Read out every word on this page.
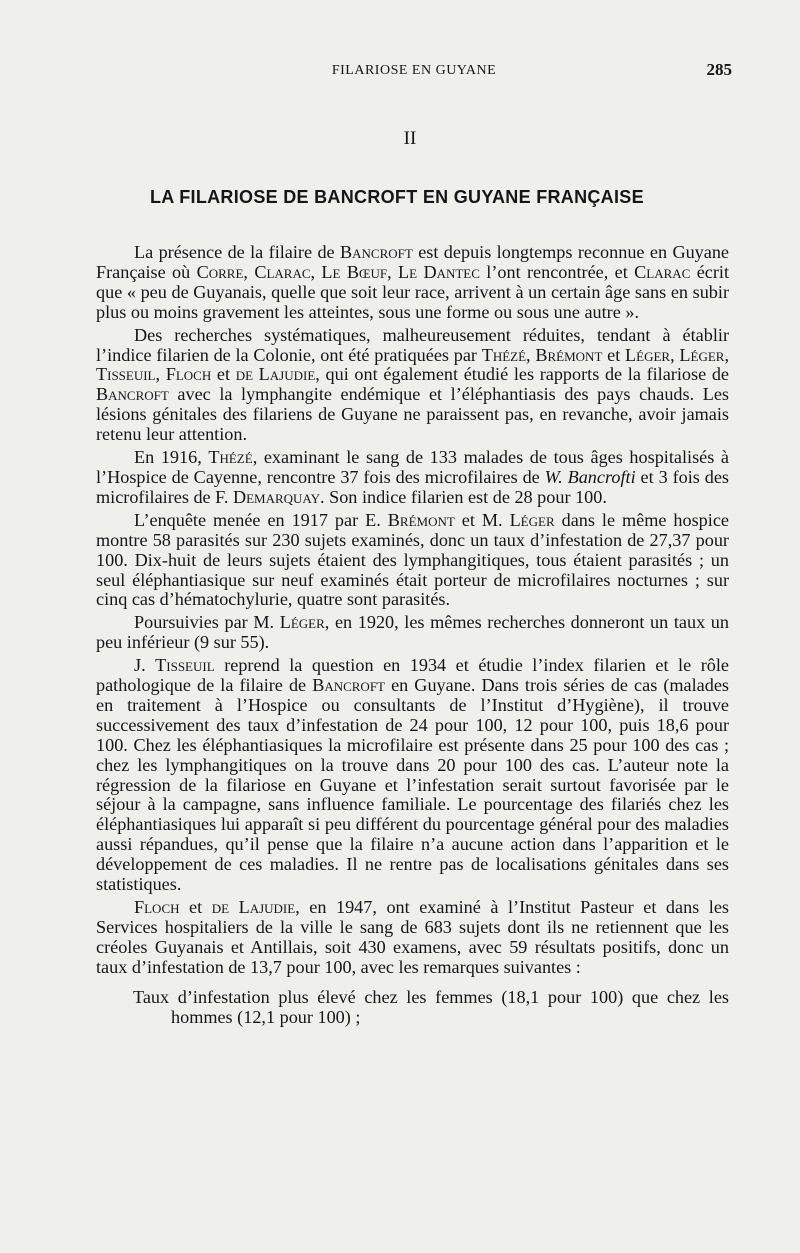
FILARIOSE EN GUYANE	285
II
LA FILARIOSE DE BANCROFT EN GUYANE FRANÇAISE

La présence de la filaire de Bancroft est depuis longtemps reconnue en Guyane Française où Corre, Clarac, Le Bœuf, Le Dantec l’ont rencontrée, et Clarac écrit que « peu de Guyanais, quelle que soit leur race, arrivent à un certain âge sans en subir plus ou moins gravement les atteintes, sous une forme ou sous une autre ».

Des recherches systématiques, malheureusement réduites, tendant à établir l’indice filarien de la Colonie, ont été pratiquées par Thézé, Brémont et Léger, Léger, Tisseuil, Floch et de Lajudie, qui ont également étudié les rapports de la filariose de Bancroft avec la lymphangite endémique et l’éléphantiasis des pays chauds. Les lésions génitales des filariens de Guyane ne paraissent pas, en revanche, avoir jamais retenu leur attention.

En 1916, Thézé, examinant le sang de 133 malades de tous âges hospitalisés à l’Hospice de Cayenne, rencontre 37 fois des microfilaires de W. Bancrofti et 3 fois des microfilaires de F. Demarquay. Son indice filarien est de 28 pour 100.

L’enquête menée en 1917 par E. Brémont et M. Léger dans le même hospice montre 58 parasités sur 230 sujets examinés, donc un taux d’infestation de 27,37 pour 100. Dix-huit de leurs sujets étaient des lymphangitiques, tous étaient parasités ; un seul éléphantiasique sur neuf examinés était porteur de microfilaires nocturnes ; sur cinq cas d’hématochylurie, quatre sont parasités.

Poursuivies par M. Léger, en 1920, les mêmes recherches donneront un taux un peu inférieur (9 sur 55).

J. Tisseuil reprend la question en 1934 et étudie l’index filarien et le rôle pathologique de la filaire de Bancroft en Guyane. Dans trois séries de cas (malades en traitement à l’Hospice ou consultants de l’Institut d’Hygiène), il trouve successivement des taux d’infestation de 24 pour 100, 12 pour 100, puis 18,6 pour 100. Chez les éléphantiasiques la microfilaire est présente dans 25 pour 100 des cas ; chez les lymphangitiques on la trouve dans 20 pour 100 des cas. L’auteur note la régression de la filariose en Guyane et l’infestation serait surtout favorisée par le séjour à la campagne, sans influence familiale. Le pourcentage des filariés chez les éléphantiasiques lui apparaît si peu différent du pourcentage général pour des maladies aussi répandues, qu’il pense que la filaire n’a aucune action dans l’apparition et le développement de ces maladies. Il ne rentre pas de localisations génitales dans ses statistiques.

Floch et de Lajudie, en 1947, ont examiné à l’Institut Pasteur et dans les Services hospitaliers de la ville le sang de 683 sujets dont ils ne retiennent que les créoles Guyanais et Antillais, soit 430 examens, avec 59 résultats positifs, donc un taux d’infestation de 13,7 pour 100, avec les remarques suivantes :

Taux d’infestation plus élevé chez les femmes (18,1 pour 100) que chez les hommes (12,1 pour 100) ;
